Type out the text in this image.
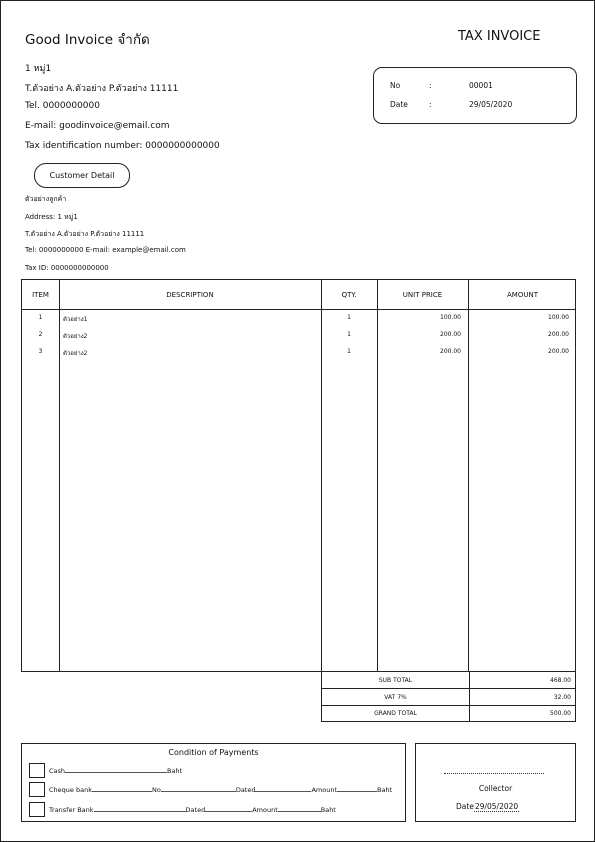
Good Invoice จำกัด	TAX INVOICE
1 หมู่1
T.ตัวอย่าง A.ตัวอย่าง P.ตัวอย่าง 11111
Tel. 0000000000
E-mail: goodinvoice@email.com
Tax identification number: 0000000000000
No	:	00001
Date	:	29/05/2020
Customer Detail
ตัวอย่างลูกค้า
Address: 1 หมู่1
T.ตัวอย่าง A.ตัวอย่าง P.ตัวอย่าง 11111
Tel: 0000000000 E-mail: example@email.com
Tax ID: 0000000000000
ITEM	DESCRIPTION	QTY.	UNIT PRICE	AMOUNT
1	ตัวอย่าง1	1	100.00	100.00
2	ตัวอย่าง2	1	200.00	200.00
3	ตัวอย่าง2	1	200.00	200.00
SUB TOTAL	468.00
VAT 7%	32.00
GRAND TOTAL	500.00
Condition of Payments
Cash	Baht
Cheque bank	No	Dated	Amount	Baht
Transfer Bank	Dated	Amount	Baht
Collector
Date29/05/2020
